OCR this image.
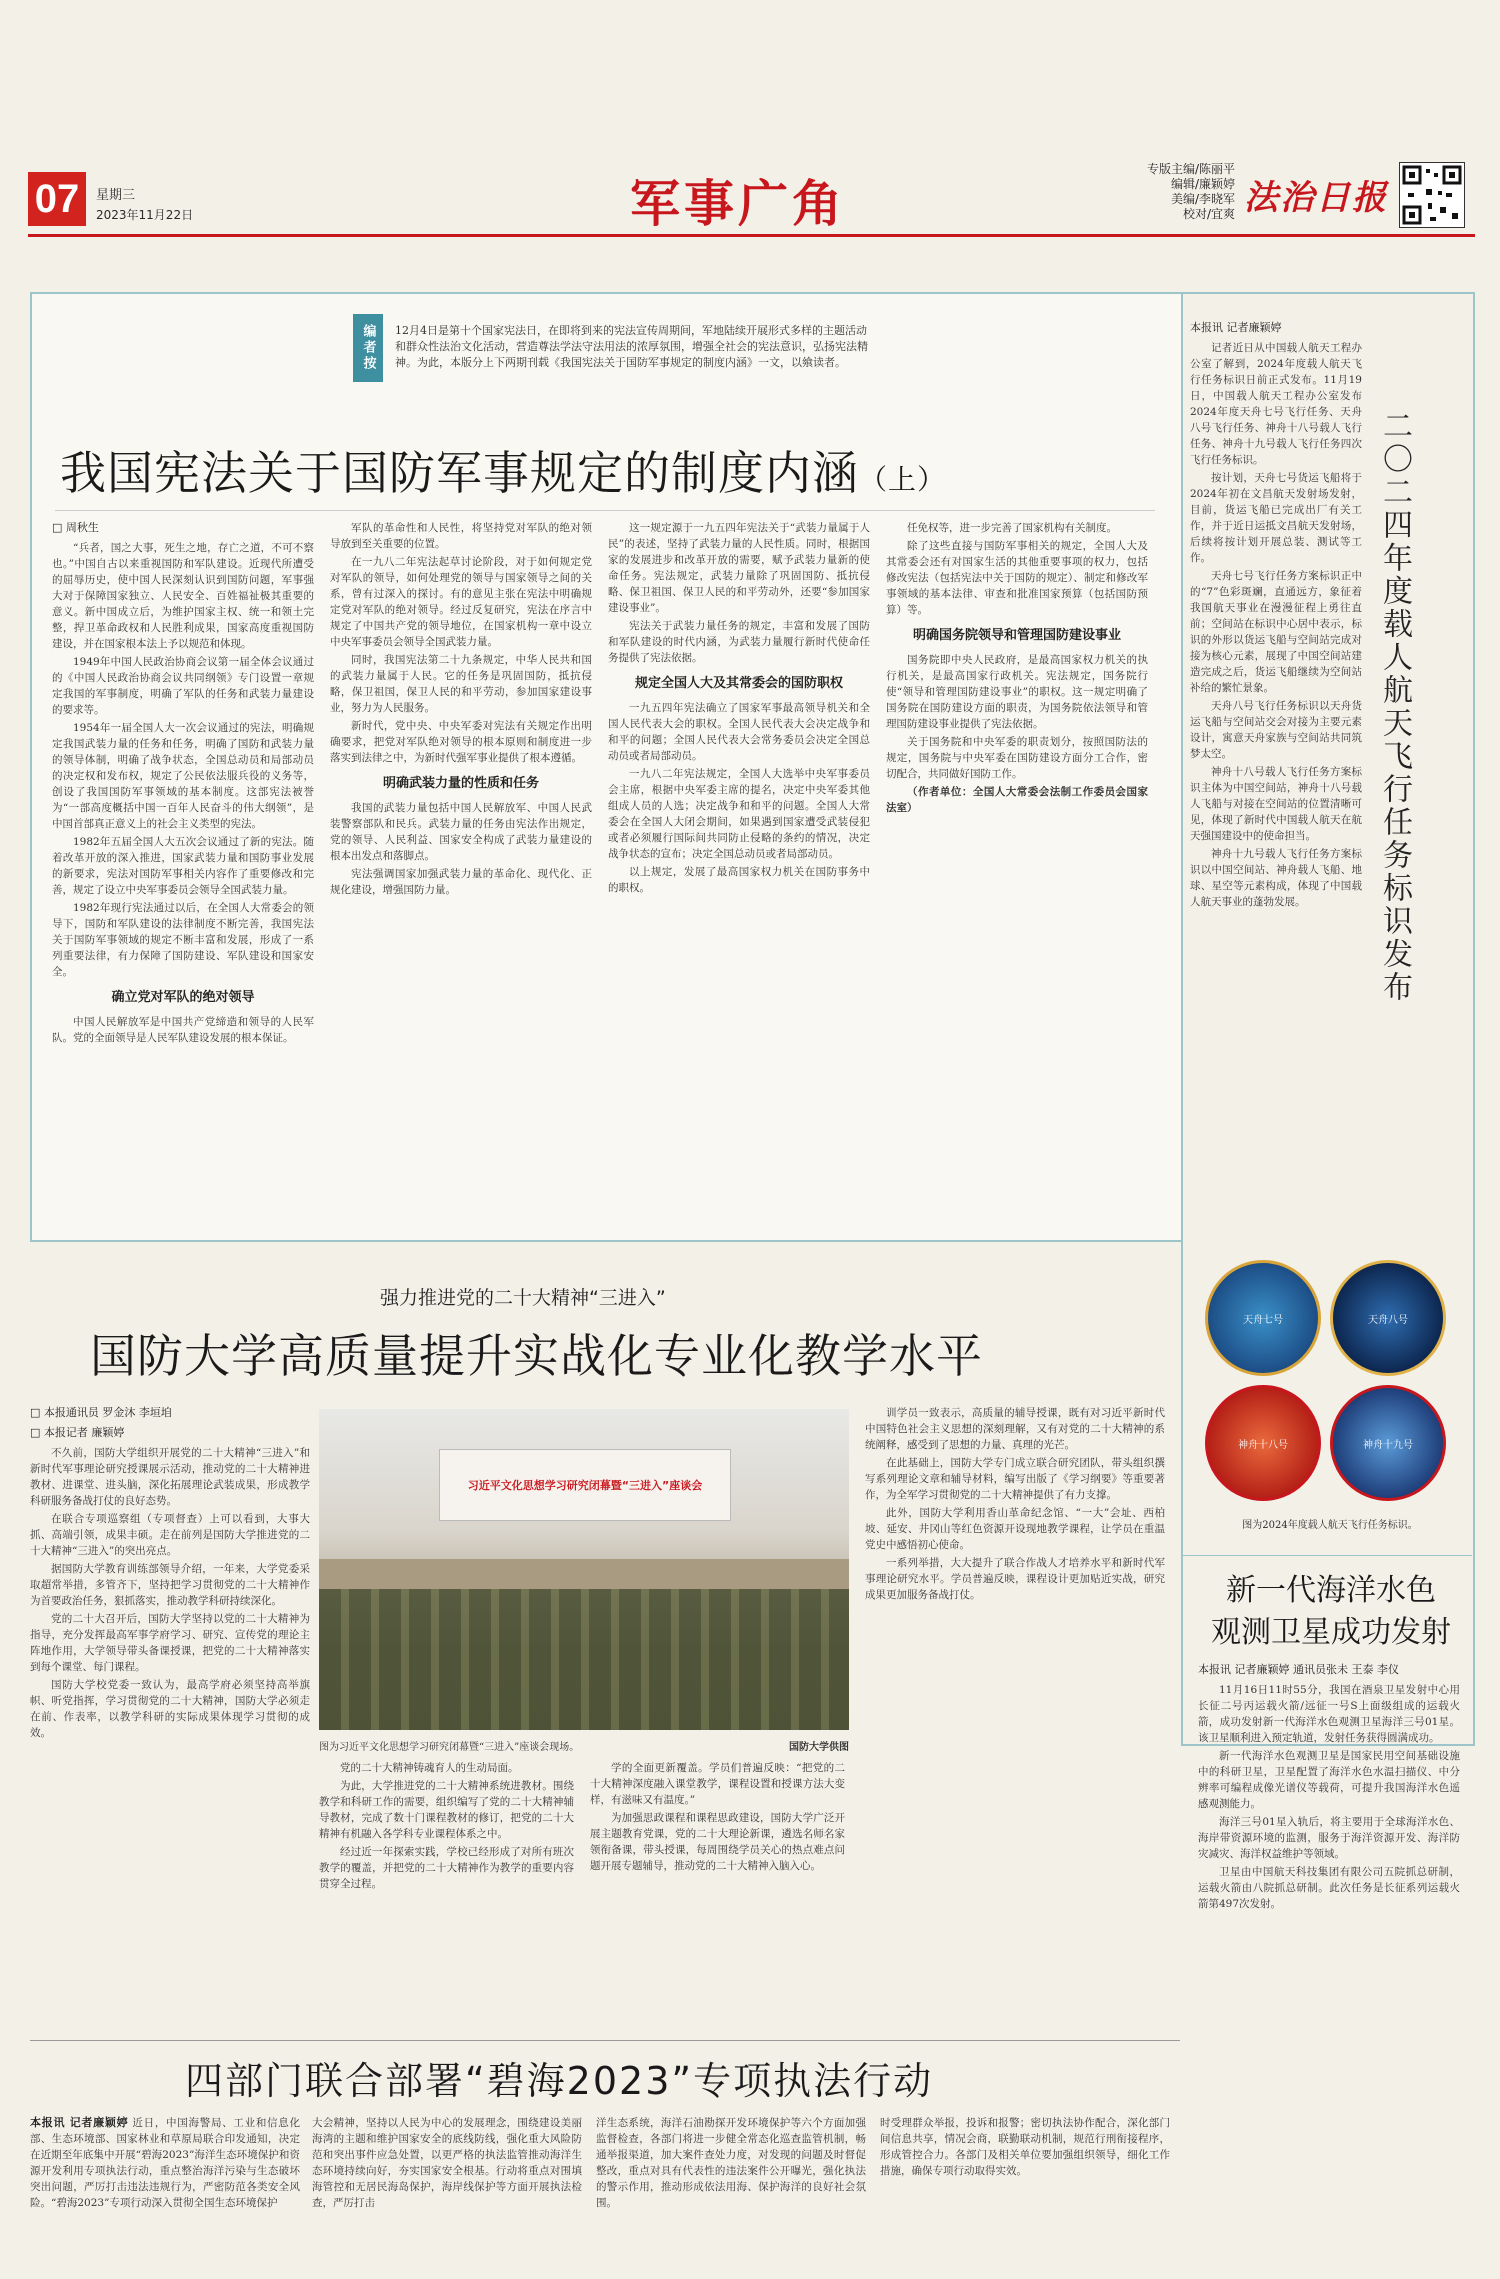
07	星期三
2023年11月22日	军事广角
专版主编/陈丽平
编辑/廉颖婷
美编/李晓军
校对/宜爽 法治日报
编者按	12月4日是第十个国家宪法日，在即将到来的宪法宣传周期间，军地陆续开展形式多样的主题活动和群众性法治文化活动，营造尊法学法守法用法的浓厚氛围，增强全社会的宪法意识，弘扬宪法精神。为此，本版分上下两期刊载《我国宪法关于国防军事规定的制度内涵》一文，以飨读者。
我国宪法关于国防军事规定的制度内涵（上）
□ 周秋生

“兵者，国之大事，死生之地，存亡之道，不可不察也。”中国自古以来重视国防和军队建设。近现代所遭受的屈辱历史，使中国人民深刻认识到国防问题，军事强大对于保障国家独立、人民安全、百姓福祉极其重要的意义。新中国成立后，为维护国家主权、统一和领土完整，捍卫革命政权和人民胜利成果，国家高度重视国防建设，并在国家根本法上予以规范和体现。

1949年中国人民政治协商会议第一届全体会议通过的《中国人民政治协商会议共同纲领》专门设置一章规定我国的军事制度，明确了军队的任务和武装力量建设的要求等。

1954年一届全国人大一次会议通过的宪法，明确规定我国武装力量的任务和任务，明确了国防和武装力量的领导体制，明确了战争状态，全国总动员和局部动员的决定权和发布权，规定了公民依法服兵役的义务等，创设了我国国防军事领域的基本制度。这部宪法被誉为“一部高度概括中国一百年人民奋斗的伟大纲领”，是中国首部真正意义上的社会主义类型的宪法。

1982年五届全国人大五次会议通过了新的宪法。随着改革开放的深入推进，国家武装力量和国防事业发展的新要求，宪法对国防军事相关内容作了重要修改和完善，规定了设立中央军事委员会领导全国武装力量。

1982年现行宪法通过以后，在全国人大常委会的领导下，国防和军队建设的法律制度不断完善，我国宪法关于国防军事领域的规定不断丰富和发展，形成了一系列重要法律，有力保障了国防建设、军队建设和国家安全。

确立党对军队的绝对领导

中国人民解放军是中国共产党缔造和领导的人民军队。党的全面领导是人民军队建设发展的根本保证。

军队的革命性和人民性，将坚持党对军队的绝对领导放到至关重要的位置。

在一九八二年宪法起草讨论阶段，对于如何规定党对军队的领导，如何处理党的领导与国家领导之间的关系，曾有过深入的探讨。有的意见主张在宪法中明确规定党对军队的绝对领导。经过反复研究，宪法在序言中规定了中国共产党的领导地位，在国家机构一章中设立中央军事委员会领导全国武装力量。

同时，我国宪法第二十九条规定，中华人民共和国的武装力量属于人民。它的任务是巩固国防，抵抗侵略，保卫祖国，保卫人民的和平劳动，参加国家建设事业，努力为人民服务。

新时代，党中央、中央军委对宪法有关规定作出明确要求，把党对军队绝对领导的根本原则和制度进一步落实到法律之中，为新时代强军事业提供了根本遵循。

明确武装力量的性质和任务

我国的武装力量包括中国人民解放军、中国人民武装警察部队和民兵。武装力量的任务由宪法作出规定，党的领导、人民利益、国家安全构成了武装力量建设的根本出发点和落脚点。

宪法强调国家加强武装力量的革命化、现代化、正规化建设，增强国防力量。

这一规定源于一九五四年宪法关于“武装力量属于人民”的表述，坚持了武装力量的人民性质。同时，根据国家的发展进步和改革开放的需要，赋予武装力量新的使命任务。宪法规定，武装力量除了巩固国防、抵抗侵略、保卫祖国、保卫人民的和平劳动外，还要“参加国家建设事业”。

宪法关于武装力量任务的规定，丰富和发展了国防和军队建设的时代内涵，为武装力量履行新时代使命任务提供了宪法依据。

规定全国人大及其常委会的国防职权

一九五四年宪法确立了国家军事最高领导机关和全国人民代表大会的职权。全国人民代表大会决定战争和和平的问题；全国人民代表大会常务委员会决定全国总动员或者局部动员。

一九八二年宪法规定，全国人大选举中央军事委员会主席，根据中央军委主席的提名，决定中央军委其他组成人员的人选；决定战争和和平的问题。全国人大常委会在全国人大闭会期间，如果遇到国家遭受武装侵犯或者必须履行国际间共同防止侵略的条约的情况，决定战争状态的宣布；决定全国总动员或者局部动员。

以上规定，发展了最高国家权力机关在国防事务中的职权。

任免权等，进一步完善了国家机构有关制度。

除了这些直接与国防军事相关的规定，全国人大及其常委会还有对国家生活的其他重要事项的权力，包括修改宪法（包括宪法中关于国防的规定）、制定和修改军事领域的基本法律、审查和批准国家预算（包括国防预算）等。

明确国务院领导和管理国防建设事业

国务院即中央人民政府，是最高国家权力机关的执行机关，是最高国家行政机关。宪法规定，国务院行使“领导和管理国防建设事业”的职权。这一规定明确了国务院在国防建设方面的职责，为国务院依法领导和管理国防建设事业提供了宪法依据。

关于国务院和中央军委的职责划分，按照国防法的规定，国务院与中央军委在国防建设方面分工合作，密切配合，共同做好国防工作。

（作者单位：全国人大常委会法制工作委员会国家法室）	二〇二四年度载人航天飞行任务标识发布
本报讯 记者廉颖婷

记者近日从中国载人航天工程办公室了解到，2024年度载人航天飞行任务标识日前正式发布。11月19日，中国载人航天工程办公室发布2024年度天舟七号飞行任务、天舟八号飞行任务、神舟十八号载人飞行任务、神舟十九号载人飞行任务四次飞行任务标识。

按计划，天舟七号货运飞船将于2024年初在文昌航天发射场发射，目前，货运飞船已完成出厂有关工作，并于近日运抵文昌航天发射场，后续将按计划开展总装、测试等工作。

天舟七号飞行任务方案标识正中的“7”色彩斑斓，直通远方，象征着我国航天事业在漫漫征程上勇往直前；空间站在标识中心居中表示，标识的外形以货运飞船与空间站完成对接为核心元素，展现了中国空间站建造完成之后，货运飞船继续为空间站补给的繁忙景象。

天舟八号飞行任务标识以天舟货运飞船与空间站交会对接为主要元素设计，寓意天舟家族与空间站共同筑梦太空。

神舟十八号载人飞行任务方案标识主体为中国空间站，神舟十八号载人飞船与对接在空间站的位置清晰可见，体现了新时代中国载人航天在航天强国建设中的使命担当。

神舟十九号载人飞行任务方案标识以中国空间站、神舟载人飞船、地球、星空等元素构成，体现了中国载人航天事业的蓬勃发展。

天舟七号	天舟八号
神舟十八号	神舟十九号
图为2024年度载人航天飞行任务标识。
新一代海洋水色
观测卫星成功发射
本报讯 记者廉颖婷 通讯员张未 王泰 李仪

11月16日11时55分，我国在酒泉卫星发射中心用长征二号丙运载火箭/远征一号S上面级组成的运载火箭，成功发射新一代海洋水色观测卫星海洋三号01星。该卫星顺利进入预定轨道，发射任务获得圆满成功。

新一代海洋水色观测卫星是国家民用空间基础设施中的科研卫星，卫星配置了海洋水色水温扫描仪、中分辨率可编程成像光谱仪等载荷，可提升我国海洋水色遥感观测能力。

海洋三号01星入轨后，将主要用于全球海洋水色、海岸带资源环境的监测，服务于海洋资源开发、海洋防灾减灾、海洋权益维护等领域。

卫星由中国航天科技集团有限公司五院抓总研制，运载火箭由八院抓总研制。此次任务是长征系列运载火箭第497次发射。

强力推进党的二十大精神“三进入”
国防大学高质量提升实战化专业化教学水平
□ 本报通讯员 罗金沐 李垣垍
□ 本报记者 廉颖婷

不久前，国防大学组织开展党的二十大精神“三进入”和新时代军事理论研究授课展示活动，推动党的二十大精神进教材、进课堂、进头脑，深化拓展理论武装成果，形成教学科研服务备战打仗的良好态势。

在联合专项巡察组（专项督查）上可以看到，大事大抓、高端引领，成果丰硕。走在前列是国防大学推进党的二十大精神“三进入”的突出亮点。

据国防大学教育训练部领导介绍，一年来，大学党委采取超常举措，多管齐下，坚持把学习贯彻党的二十大精神作为首要政治任务，狠抓落实，推动教学科研持续深化。

党的二十大召开后，国防大学坚持以党的二十大精神为指导，充分发挥最高军事学府学习、研究、宣传党的理论主阵地作用，大学领导带头备课授课，把党的二十大精神落实到每个课堂、每门课程。

国防大学校党委一致认为，最高学府必须坚持高举旗帜、听党指挥，学习贯彻党的二十大精神，国防大学必须走在前、作表率，以教学科研的实际成果体现学习贯彻的成效。

习近平文化思想学习研究闭幕暨“三进入”座谈会
国防大学供图
图为习近平文化思想学习研究闭幕暨“三进入”座谈会现场。

党的二十大精神铸魂育人的生动局面。

为此，大学推进党的二十大精神系统进教材。围绕教学和科研工作的需要，组织编写了党的二十大精神辅导教材，完成了数十门课程教材的修订，把党的二十大精神有机融入各学科专业课程体系之中。

经过近一年探索实践，学校已经形成了对所有班次教学的覆盖，并把党的二十大精神作为教学的重要内容贯穿全过程。

学的全面更新覆盖。学员们普遍反映：“把党的二十大精神深度融入课堂教学，课程设置和授课方法大变样，有滋味又有温度。”

为加强思政课程和课程思政建设，国防大学广泛开展主题教育党课，党的二十大理论新课，遴选名师名家领衔备课，带头授课，每周围绕学员关心的热点难点问题开展专题辅导，推动党的二十大精神入脑入心。

训学员一致表示，高质量的辅导授课，既有对习近平新时代中国特色社会主义思想的深刻理解，又有对党的二十大精神的系统阐释，感受到了思想的力量、真理的光芒。

在此基础上，国防大学专门成立联合研究团队，带头组织撰写系列理论文章和辅导材料，编写出版了《学习纲要》等重要著作，为全军学习贯彻党的二十大精神提供了有力支撑。

此外，国防大学利用香山革命纪念馆、“一大”会址、西柏坡、延安、井冈山等红色资源开设现地教学课程，让学员在重温党史中感悟初心使命。

一系列举措，大大提升了联合作战人才培养水平和新时代军事理论研究水平。学员普遍反映，课程设计更加贴近实战，研究成果更加服务备战打仗。

四部门联合部署“碧海2023”专项执法行动
本报讯 记者廉颖婷 近日，中国海警局、工业和信息化部、生态环境部、国家林业和草原局联合印发通知，决定在近期至年底集中开展“碧海2023”海洋生态环境保护和资源开发利用专项执法行动，重点整治海洋污染与生态破坏突出问题，严厉打击违法违规行为，严密防范各类安全风险。“碧海2023”专项行动深入贯彻全国生态环境保护
大会精神，坚持以人民为中心的发展理念，围绕建设美丽海湾的主题和维护国家安全的底线防线，强化重大风险防范和突出事件应急处置，以更严格的执法监管推动海洋生态环境持续向好，夯实国家安全根基。行动将重点对围填海管控和无居民海岛保护，海岸线保护等方面开展执法检查，严厉打击
洋生态系统，海洋石油勘探开发环境保护等六个方面加强监督检查，各部门将进一步健全常态化巡查监管机制，畅通举报渠道，加大案件查处力度，对发现的问题及时督促整改，重点对具有代表性的违法案件公开曝光，强化执法的警示作用，推动形成依法用海、保护海洋的良好社会氛围。
时受理群众举报，投诉和报警；密切执法协作配合，深化部门间信息共享，情况会商，联勤联动机制，规范行刑衔接程序，形成管控合力。各部门及相关单位要加强组织领导，细化工作措施，确保专项行动取得实效。
